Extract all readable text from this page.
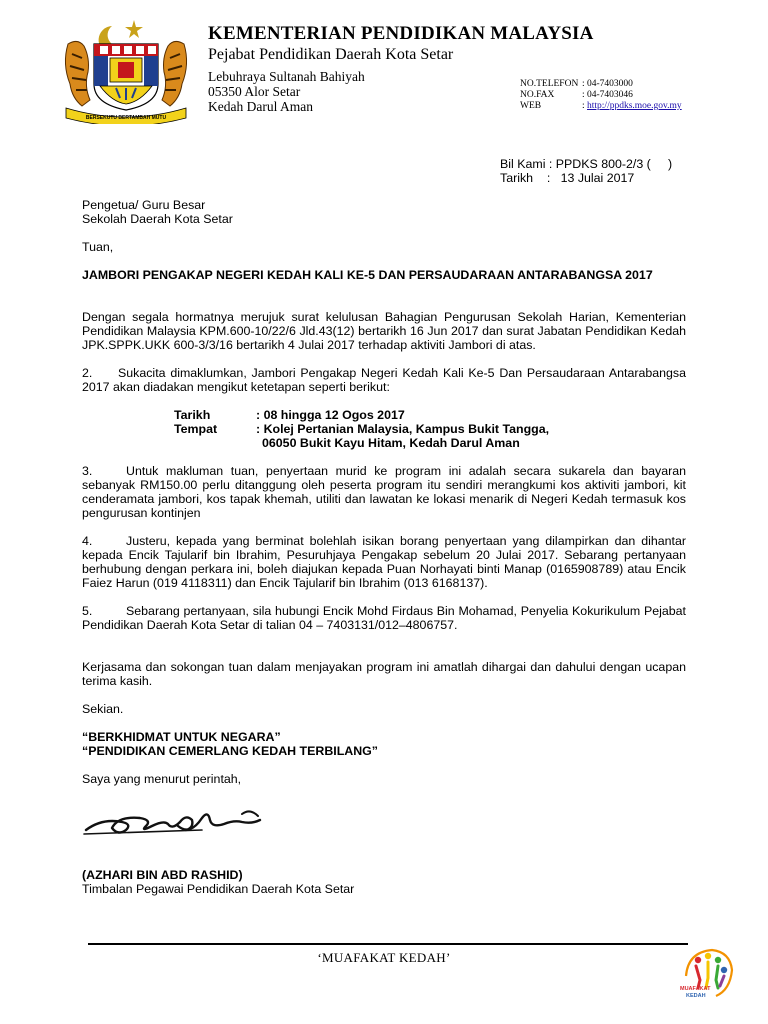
BERSEKUTU BERTAMBAH MUTU
KEMENTERIAN PENDIDIKAN MALAYSIA
Pejabat Pendidikan Daerah Kota Setar
Lebuhraya Sultanah Bahiyah
05350 Alor Setar
Kedah Darul Aman
NO.TELEFON : 04-7403000
NO.FAX	: 04-7403046
WEB	: http://ppdks.moe.gov.my
Bil Kami : PPDKS 800-2/3 (     )
Tarikh    :   13 Julai 2017
Pengetua/ Guru Besar
Sekolah Daerah Kota Setar
Tuan,
JAMBORI PENGAKAP NEGERI KEDAH KALI KE-5 DAN PERSAUDARAAN ANTARABANGSA 2017
Dengan segala hormatnya merujuk surat kelulusan Bahagian Pengurusan Sekolah Harian, Kementerian Pendidikan Malaysia KPM.600-10/22/6 Jld.43(12) bertarikh 16 Jun 2017 dan surat Jabatan Pendidikan Kedah JPK.SPPK.UKK 600-3/3/16 bertarikh 4 Julai 2017 terhadap aktiviti Jambori di atas.
2. Sukacita dimaklumkan, Jambori Pengakap Negeri Kedah Kali Ke-5 Dan Persaudaraan Antarabangsa 2017 akan diadakan mengikut ketetapan seperti berikut:
Tarikh	: 08 hingga 12 Ogos 2017
Tempat	: Kolej Pertanian Malaysia, Kampus Bukit Tangga,
06050 Bukit Kayu Hitam, Kedah Darul Aman
3.	Untuk makluman tuan, penyertaan murid ke program ini adalah secara sukarela dan bayaran sebanyak RM150.00 perlu ditanggung oleh peserta program itu sendiri merangkumi kos aktiviti jambori, kit cenderamata jambori, kos tapak khemah, utiliti dan lawatan ke lokasi menarik di Negeri Kedah termasuk kos pengurusan kontinjen
4.	Justeru, kepada yang berminat bolehlah isikan borang penyertaan yang dilampirkan dan dihantar kepada Encik Tajularif bin Ibrahim, Pesuruhjaya Pengakap sebelum 20 Julai 2017. Sebarang pertanyaan berhubung dengan perkara ini, boleh diajukan kepada Puan Norhayati binti Manap (0165908789) atau Encik Faiez Harun (019 4118311) dan Encik Tajularif bin Ibrahim (013 6168137).
5.	Sebarang pertanyaan, sila hubungi Encik Mohd Firdaus Bin Mohamad, Penyelia Kokurikulum Pejabat Pendidikan Daerah Kota Setar di talian 04 – 7403131/012–4806757.
Kerjasama dan sokongan tuan dalam menjayakan program ini amatlah dihargai dan dahului dengan ucapan terima kasih.
Sekian.
“BERKHIDMAT UNTUK NEGARA”
“PENDIDIKAN CEMERLANG KEDAH TERBILANG”
Saya yang menurut perintah,
(AZHARI BIN ABD RASHID)
Timbalan Pegawai Pendidikan Daerah Kota Setar
‘MUAFAKAT KEDAH’
MUAFAKAT
KEDAH
